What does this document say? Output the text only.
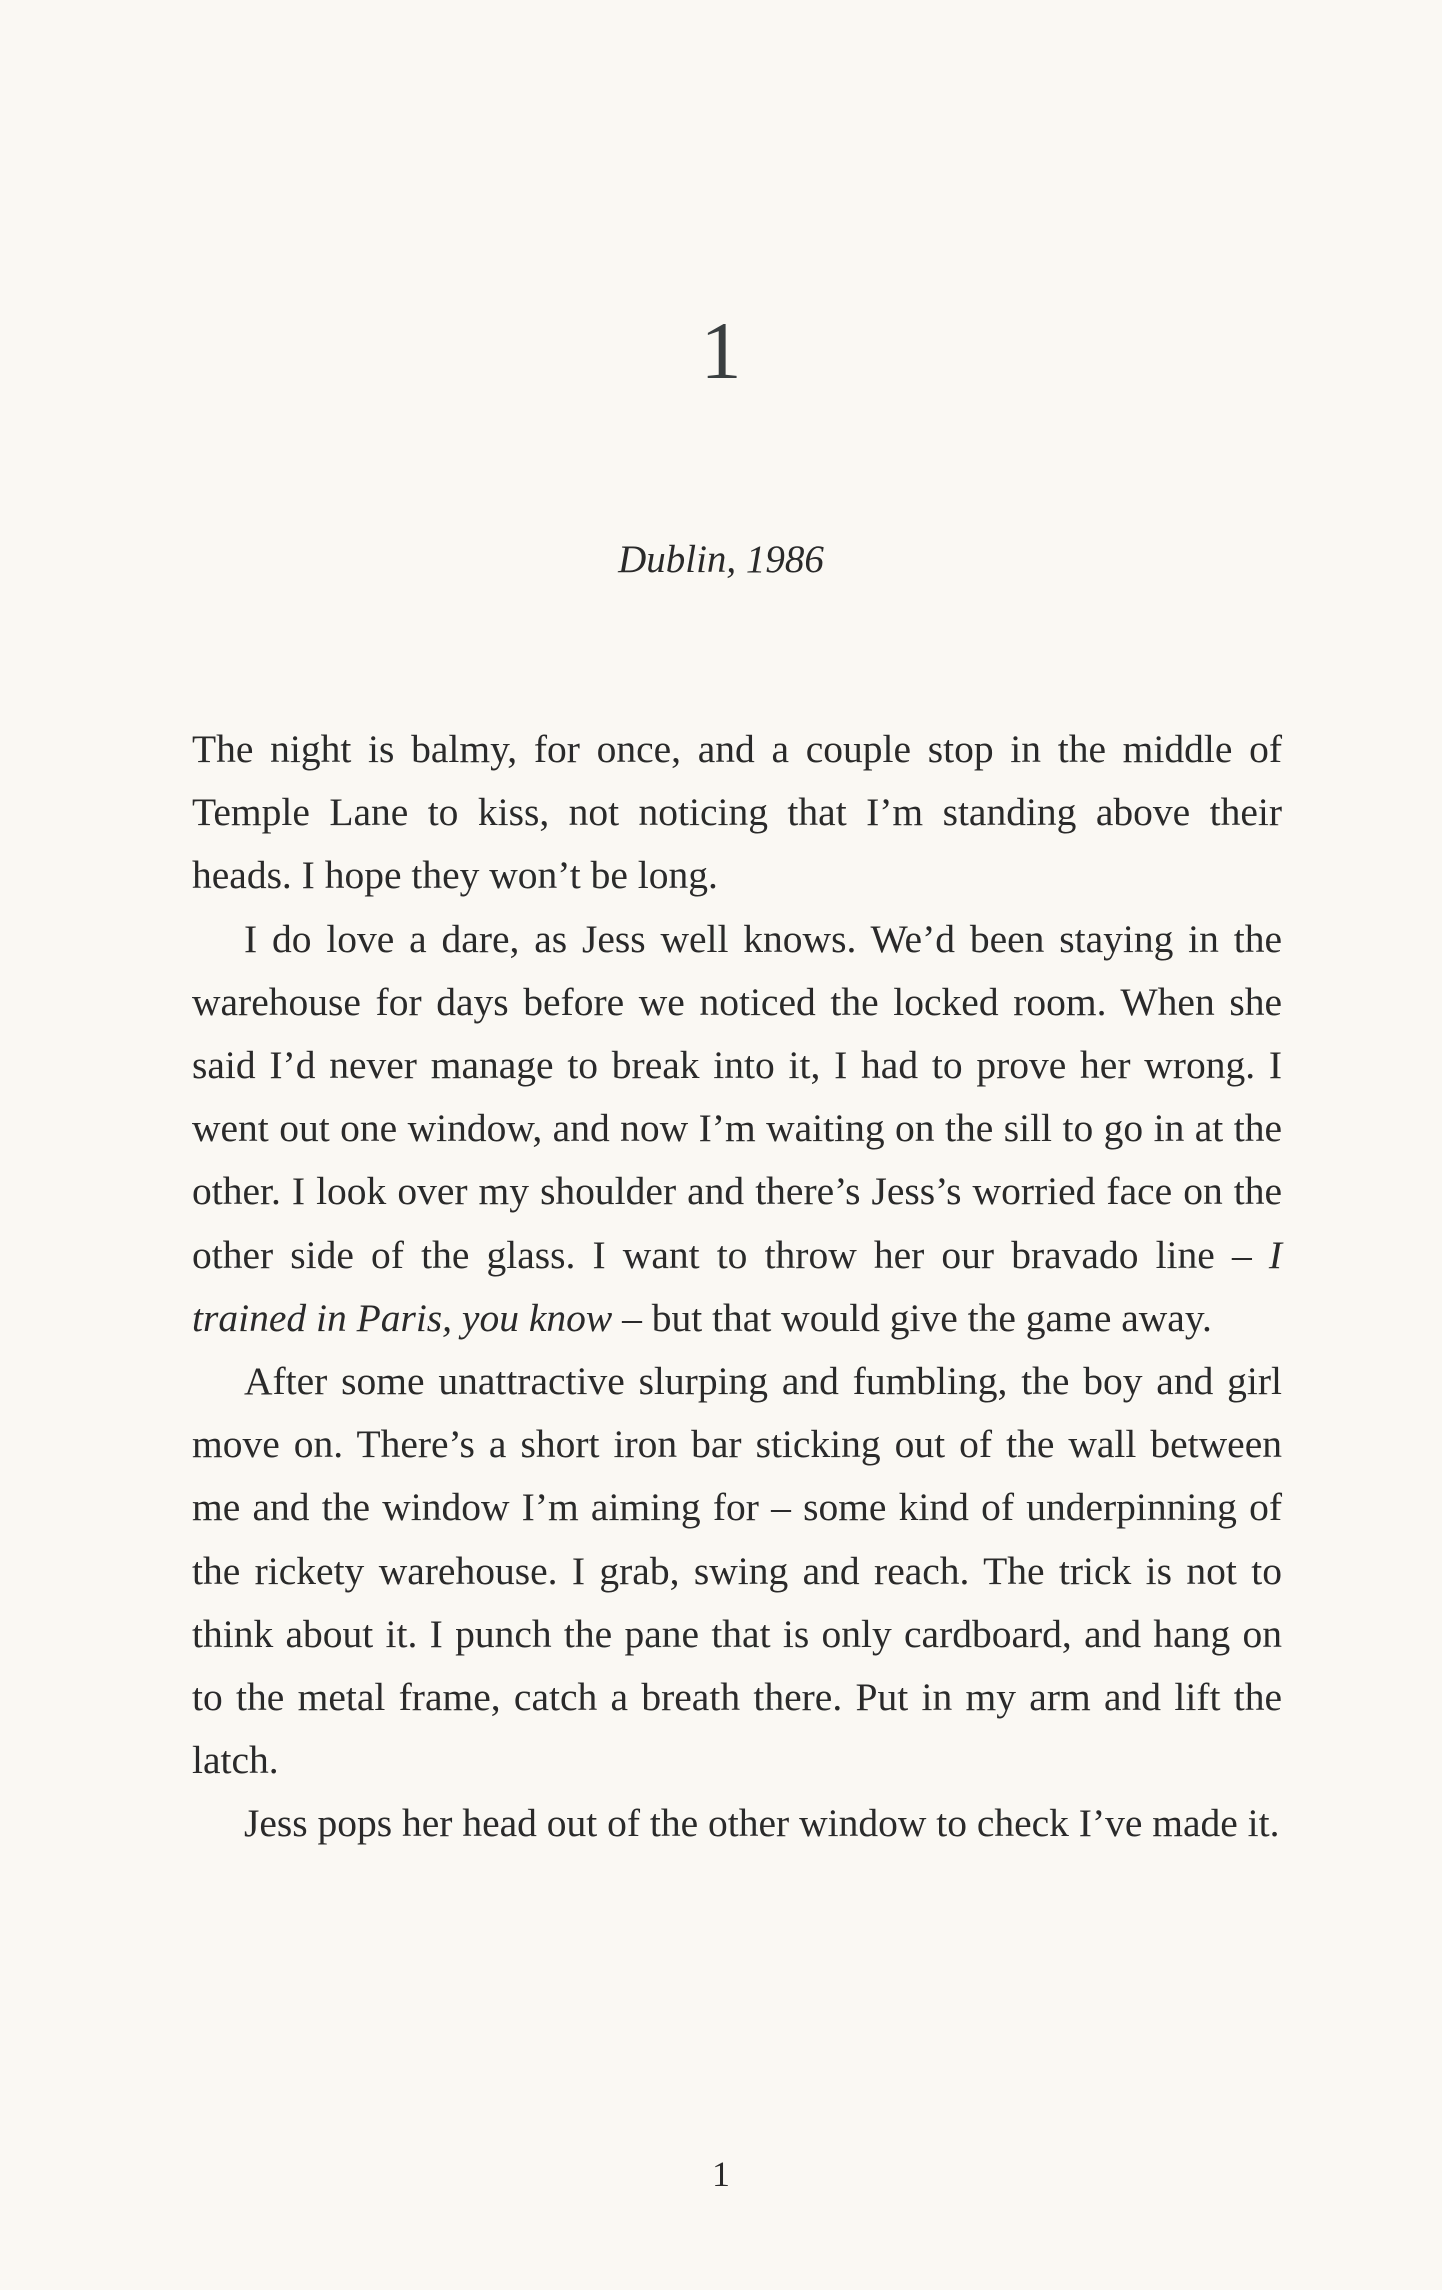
1
Dublin, 1986

The night is balmy, for once, and a couple stop in the middle of Temple Lane to kiss, not noticing that I’m standing above their heads. I hope they won’t be long.

I do love a dare, as Jess well knows. We’d been staying in the warehouse for days before we noticed the locked room. When she said I’d never manage to break into it, I had to prove her wrong. I went out one window, and now I’m waiting on the sill to go in at the other. I look over my shoulder and there’s Jess’s worried face on the other side of the glass. I want to throw her our bravado line – I trained in Paris, you know – but that would give the game away.

After some unattractive slurping and fumbling, the boy and girl move on. There’s a short iron bar sticking out of the wall between me and the window I’m aiming for – some kind of underpinning of the rickety warehouse. I grab, swing and reach. The trick is not to think about it. I punch the pane that is only cardboard, and hang on to the metal frame, catch a breath there. Put in my arm and lift the latch.

Jess pops her head out of the other window to check I’ve made it.

1
